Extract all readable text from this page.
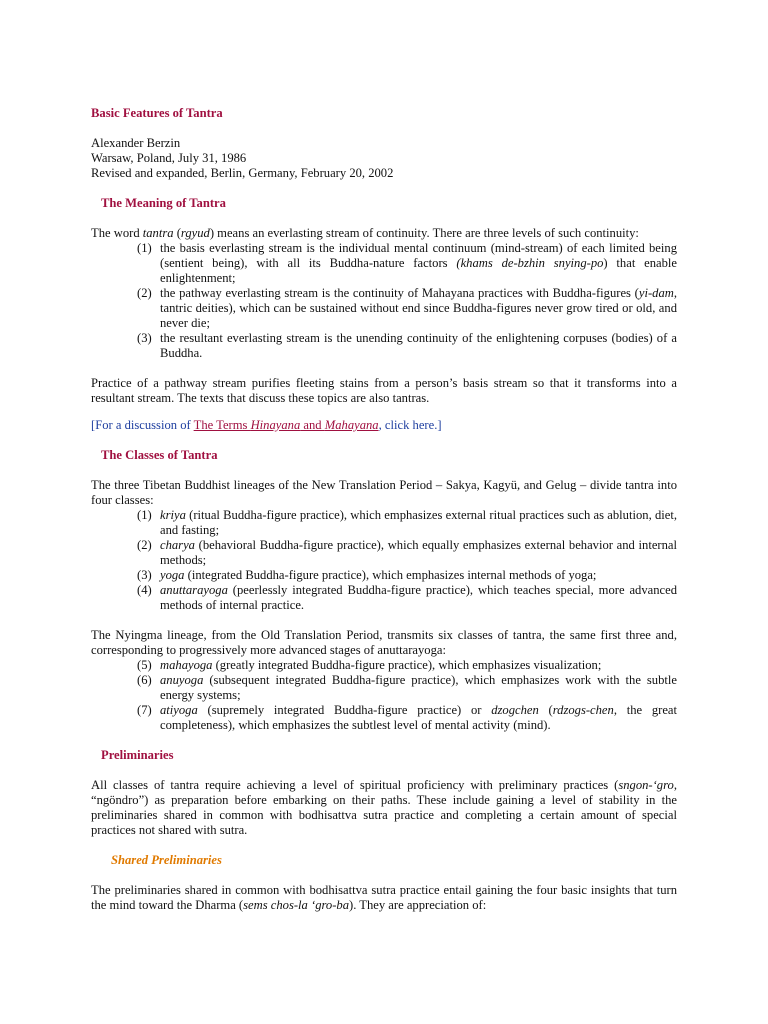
Basic Features of Tantra
Alexander Berzin
Warsaw, Poland, July 31, 1986
Revised and expanded, Berlin, Germany, February 20, 2002
The Meaning of Tantra

The word tantra (rgyud) means an everlasting stream of continuity. There are three levels of such continuity:

(1) the basis everlasting stream is the individual mental continuum (mind-stream) of each limited being (sentient being), with all its Buddha-nature factors (khams de-bzhin snying-po) that enable enlightenment;
(2) the pathway everlasting stream is the continuity of Mahayana practices with Buddha-figures (yi-dam, tantric deities), which can be sustained without end since Buddha-figures never grow tired or old, and never die;
(3) the resultant everlasting stream is the unending continuity of the enlightening corpuses (bodies) of a Buddha.

Practice of a pathway stream purifies fleeting stains from a person’s basis stream so that it transforms into a resultant stream. The texts that discuss these topics are also tantras.

[For a discussion of The Terms Hinayana and Mahayana, click here.]

The Classes of Tantra

The three Tibetan Buddhist lineages of the New Translation Period – Sakya, Kagyü, and Gelug – divide tantra into four classes:

(1) kriya (ritual Buddha-figure practice), which emphasizes external ritual practices such as ablution, diet, and fasting;
(2) charya (behavioral Buddha-figure practice), which equally emphasizes external behavior and internal methods;
(3) yoga (integrated Buddha-figure practice), which emphasizes internal methods of yoga;
(4) anuttarayoga (peerlessly integrated Buddha-figure practice), which teaches special, more advanced methods of internal practice.

The Nyingma lineage, from the Old Translation Period, transmits six classes of tantra, the same first three and, corresponding to progressively more advanced stages of anuttarayoga:

(5) mahayoga (greatly integrated Buddha-figure practice), which emphasizes visualization;
(6) anuyoga (subsequent integrated Buddha-figure practice), which emphasizes work with the subtle energy systems;
(7) atiyoga (supremely integrated Buddha-figure practice) or dzogchen (rdzogs-chen, the great completeness), which emphasizes the subtlest level of mental activity (mind).
Preliminaries

All classes of tantra require achieving a level of spiritual proficiency with preliminary practices (sngon-‘gro, “ngöndro”) as preparation before embarking on their paths. These include gaining a level of stability in the preliminaries shared in common with bodhisattva sutra practice and completing a certain amount of special practices not shared with sutra.

Shared Preliminaries

The preliminaries shared in common with bodhisattva sutra practice entail gaining the four basic insights that turn the mind toward the Dharma (sems chos-la ‘gro-ba). They are appreciation of:
